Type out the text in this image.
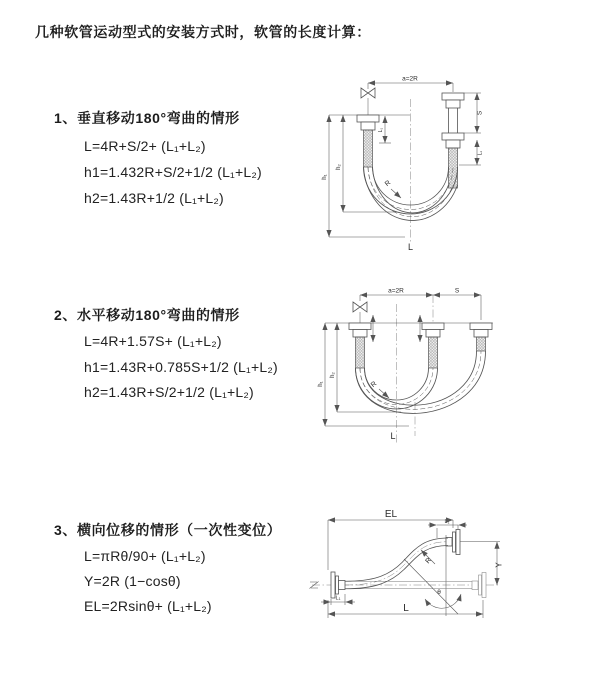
几种软管运动型式的安装方式时，软管的长度计算：
1、垂直移动180°弯曲的情形
L=4R+S/2+ (L₁+L₂)
h1=1.432R+S/2+1/2 (L₁+L₂)
h2=1.43R+1/2 (L₁+L₂)
2、水平移动180°弯曲的情形
L=4R+1.57S+ (L₁+L₂)
h1=1.43R+0.785S+1/2 (L₁+L₂)
h2=1.43R+S/2+1/2 (L₁+L₂)
3、横向位移的情形（一次性变位）
L=πRθ/90+ (L₁+L₂)
Y=2R (1−cosθ)
EL=2Rsinθ+ (L₁+L₂)
a=2R
L₁
h₁
h₂
S
L₁
R
L
a=2R	S
h₁
h₂
R
L
EL
L₁
Y
R
θ
L
L₁
